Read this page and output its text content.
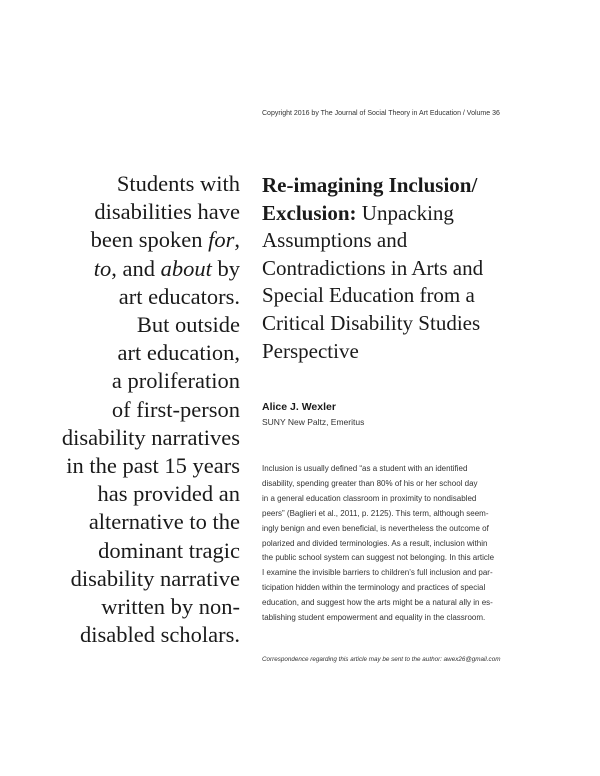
Copyright 2016 by The Journal of Social Theory in Art Education / Volume 36
Students with
disabilities have
been spoken for,
to, and about by
art educators.
But outside
art education,
a proliferation
of first-person
disability narratives
in the past 15 years
has provided an
alternative to the
dominant tragic
disability narrative
written by non-
disabled scholars.
Re-imagining Inclusion/
Exclusion: Unpacking
Assumptions and
Contradictions in Arts and
Special Education from a
Critical Disability Studies
Perspective
Alice J. Wexler
SUNY New Paltz, Emeritus
Inclusion is usually defined “as a student with an identified
disability, spending greater than 80% of his or her school day
in a general education classroom in proximity to nondisabled
peers” (Baglieri et al., 2011, p. 2125). This term, although seem-
ingly benign and even beneficial, is nevertheless the outcome of
polarized and divided terminologies. As a result, inclusion within
the public school system can suggest not belonging. In this article
I examine the invisible barriers to children’s full inclusion and par-
ticipation hidden within the terminology and practices of special
education, and suggest how the arts might be a natural ally in es-
tablishing student empowerment and equality in the classroom.
Correspondence regarding this article may be sent to the author: awex26@gmail.com
